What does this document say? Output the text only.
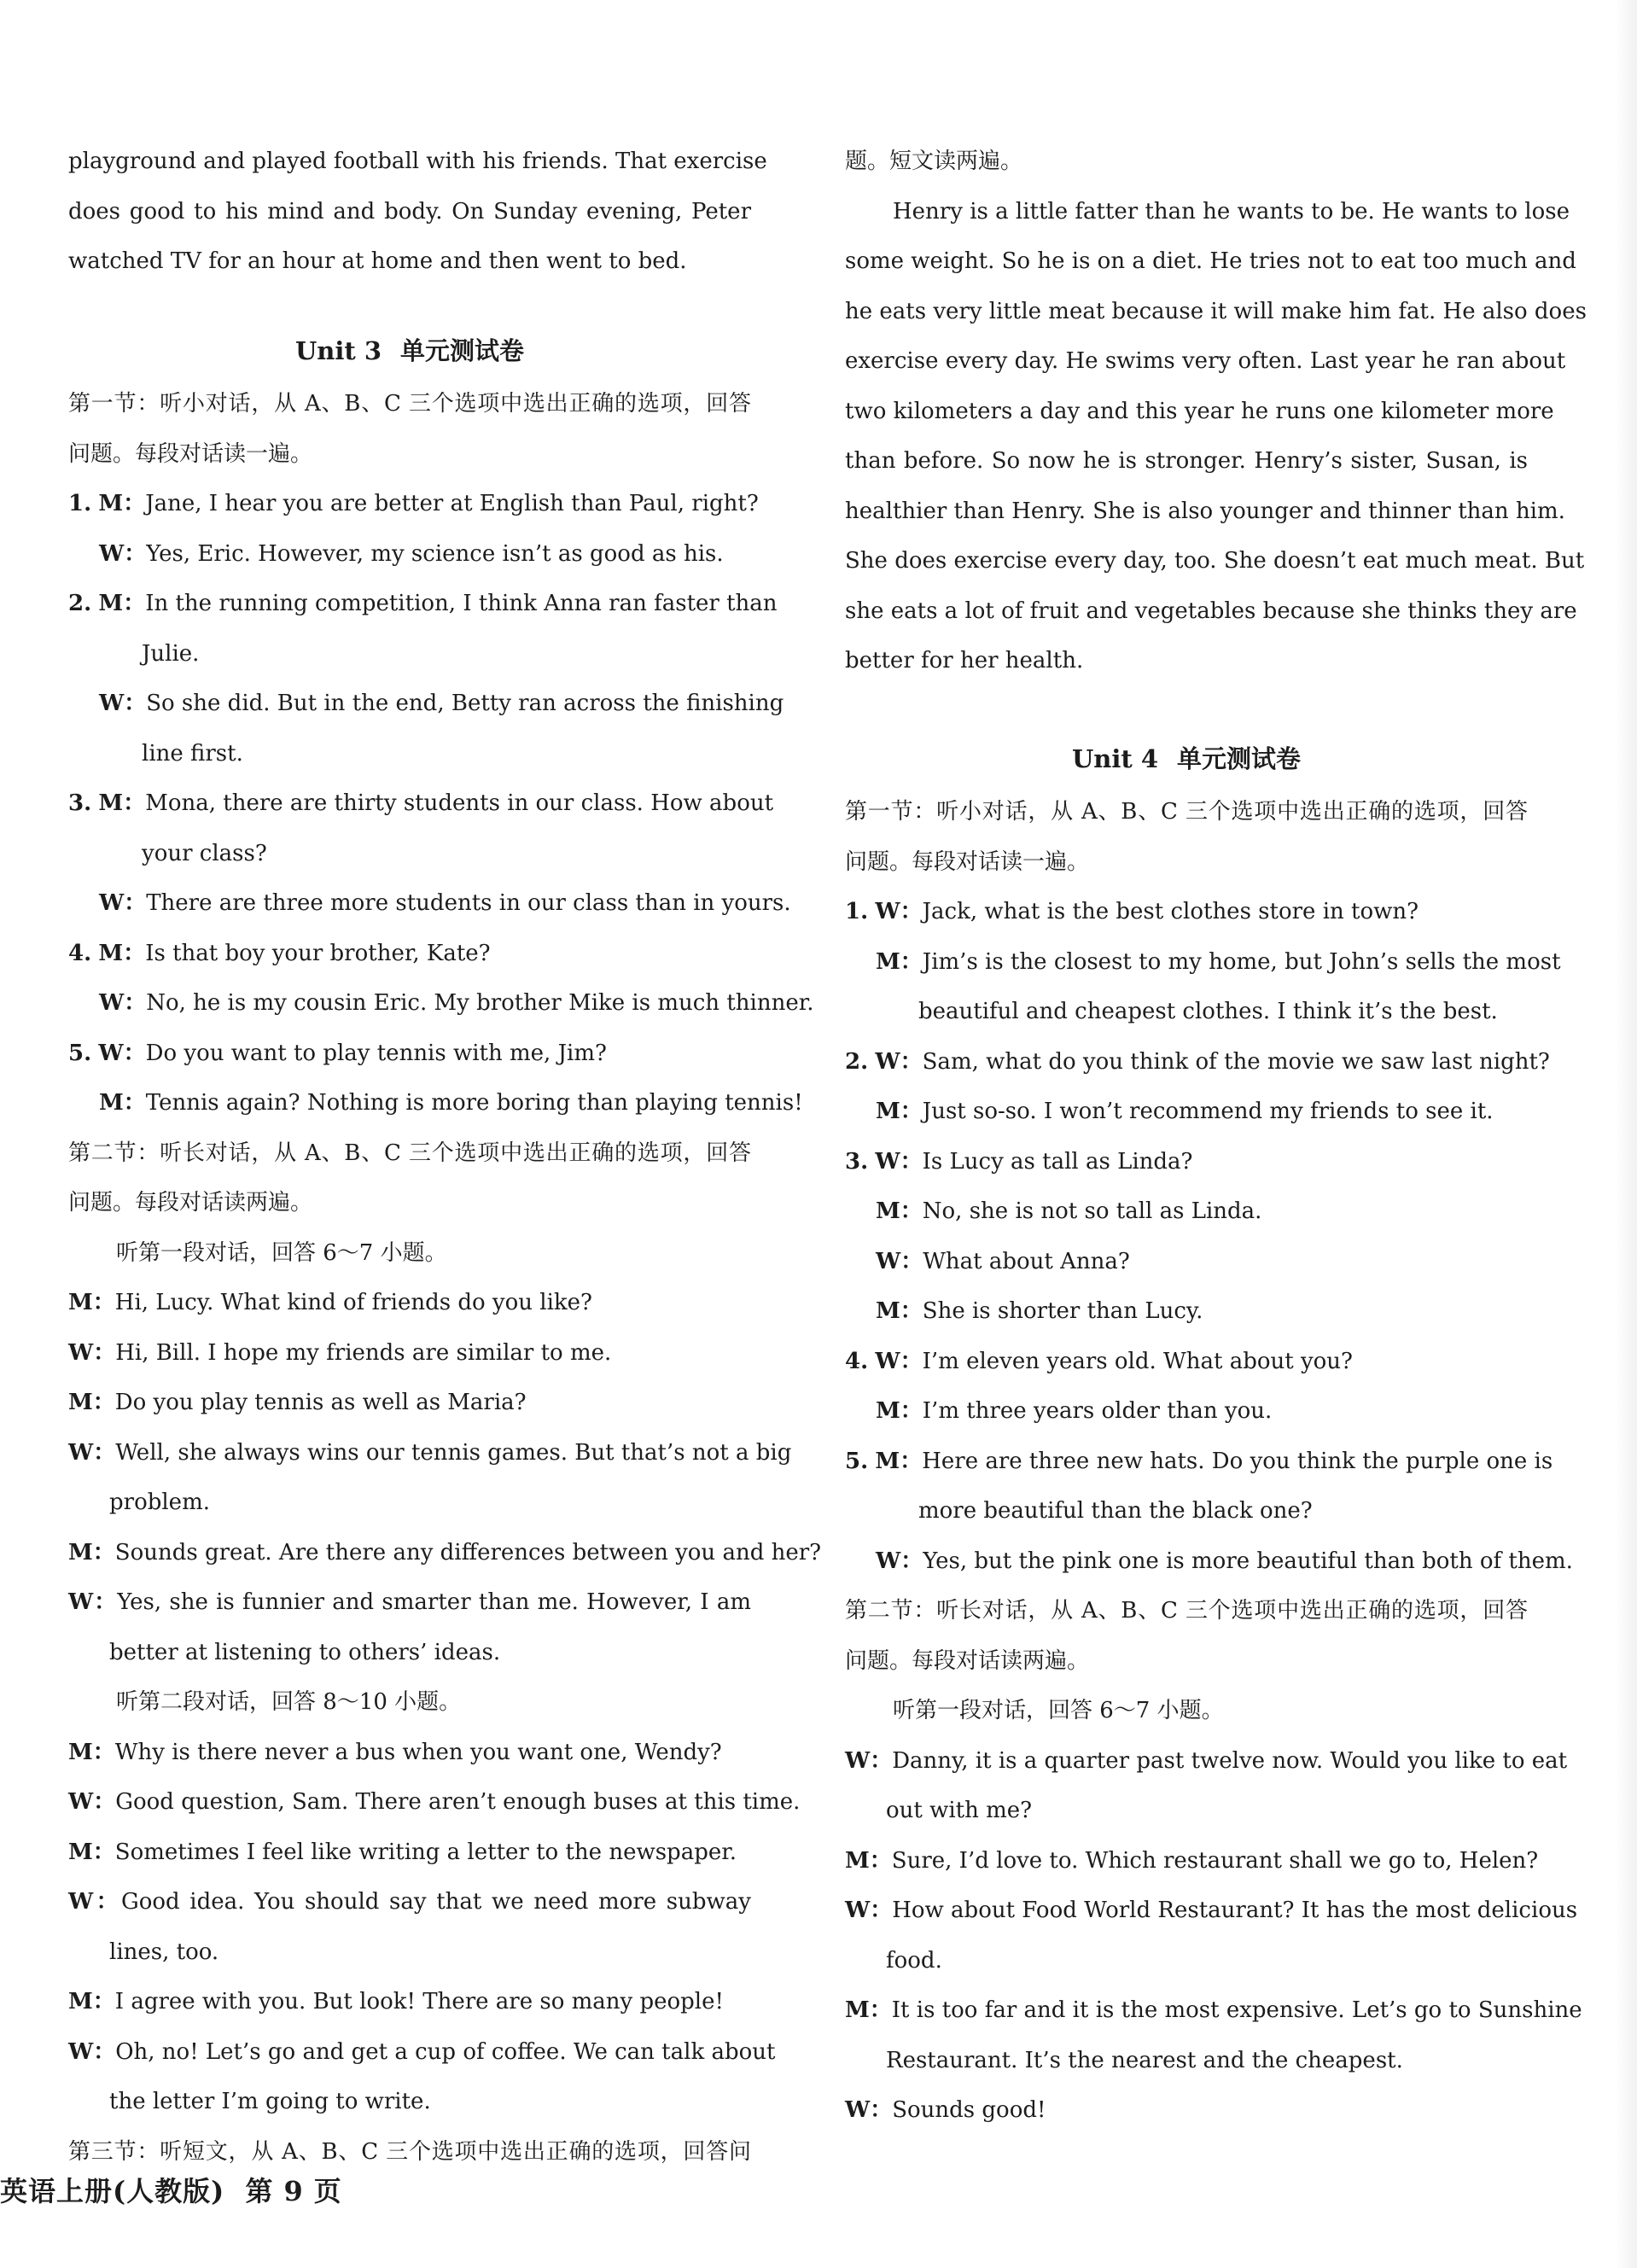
playground and played football with his friends. That exercise
does good to his mind and body. On Sunday evening, Peter
watched TV for an hour at home and then went to bed.
Unit 3 单元测试卷
第一节：听小对话，从 A、B、C 三个选项中选出正确的选项，回答
问题。每段对话读一遍。
1. M：Jane, I hear you are better at English than Paul, right?
W：Yes, Eric. However, my science isn’t as good as his.
2. M：In the running competition, I think Anna ran faster than
Julie.
W：So she did. But in the end, Betty ran across the finishing
line first.
3. M：Mona, there are thirty students in our class. How about
your class?
W：There are three more students in our class than in yours.
4. M：Is that boy your brother, Kate?
W：No, he is my cousin Eric. My brother Mike is much thinner.
5. W：Do you want to play tennis with me, Jim?
M：Tennis again? Nothing is more boring than playing tennis!
第二节：听长对话，从 A、B、C 三个选项中选出正确的选项，回答
问题。每段对话读两遍。
听第一段对话，回答 6～7 小题。
M：Hi, Lucy. What kind of friends do you like?
W：Hi, Bill. I hope my friends are similar to me.
M：Do you play tennis as well as Maria?
W：Well, she always wins our tennis games. But that’s not a big
problem.
M：Sounds great. Are there any differences between you and her?
W：Yes, she is funnier and smarter than me. However, I am
better at listening to others’ ideas.
听第二段对话，回答 8～10 小题。
M：Why is there never a bus when you want one, Wendy?
W：Good question, Sam. There aren’t enough buses at this time.
M：Sometimes I feel like writing a letter to the newspaper.
W：Good idea. You should say that we need more subway
lines, too.
M：I agree with you. But look! There are so many people!
W：Oh, no! Let’s go and get a cup of coffee. We can talk about
the letter I’m going to write.
第三节：听短文，从 A、B、C 三个选项中选出正确的选项，回答问
题。短文读两遍。
Henry is a little fatter than he wants to be. He wants to lose
some weight. So he is on a diet. He tries not to eat too much and
he eats very little meat because it will make him fat. He also does
exercise every day. He swims very often. Last year he ran about
two kilometers a day and this year he runs one kilometer more
than before. So now he is stronger. Henry’s sister, Susan, is
healthier than Henry. She is also younger and thinner than him.
She does exercise every day, too. She doesn’t eat much meat. But
she eats a lot of fruit and vegetables because she thinks they are
better for her health.
Unit 4 单元测试卷
第一节：听小对话，从 A、B、C 三个选项中选出正确的选项，回答
问题。每段对话读一遍。
1. W：Jack, what is the best clothes store in town?
M：Jim’s is the closest to my home, but John’s sells the most
beautiful and cheapest clothes. I think it’s the best.
2. W：Sam, what do you think of the movie we saw last night?
M：Just so-so. I won’t recommend my friends to see it.
3. W：Is Lucy as tall as Linda?
M：No, she is not so tall as Linda.
W：What about Anna?
M：She is shorter than Lucy.
4. W：I’m eleven years old. What about you?
M：I’m three years older than you.
5. M：Here are three new hats. Do you think the purple one is
more beautiful than the black one?
W：Yes, but the pink one is more beautiful than both of them.
第二节：听长对话，从 A、B、C 三个选项中选出正确的选项，回答
问题。每段对话读两遍。
听第一段对话，回答 6～7 小题。
W：Danny, it is a quarter past twelve now. Would you like to eat
out with me?
M：Sure, I’d love to. Which restaurant shall we go to, Helen?
W：How about Food World Restaurant? It has the most delicious
food.
M：It is too far and it is the most expensive. Let’s go to Sunshine
Restaurant. It’s the nearest and the cheapest.
W：Sounds good!
英语上册(人教版) 第 9 页
